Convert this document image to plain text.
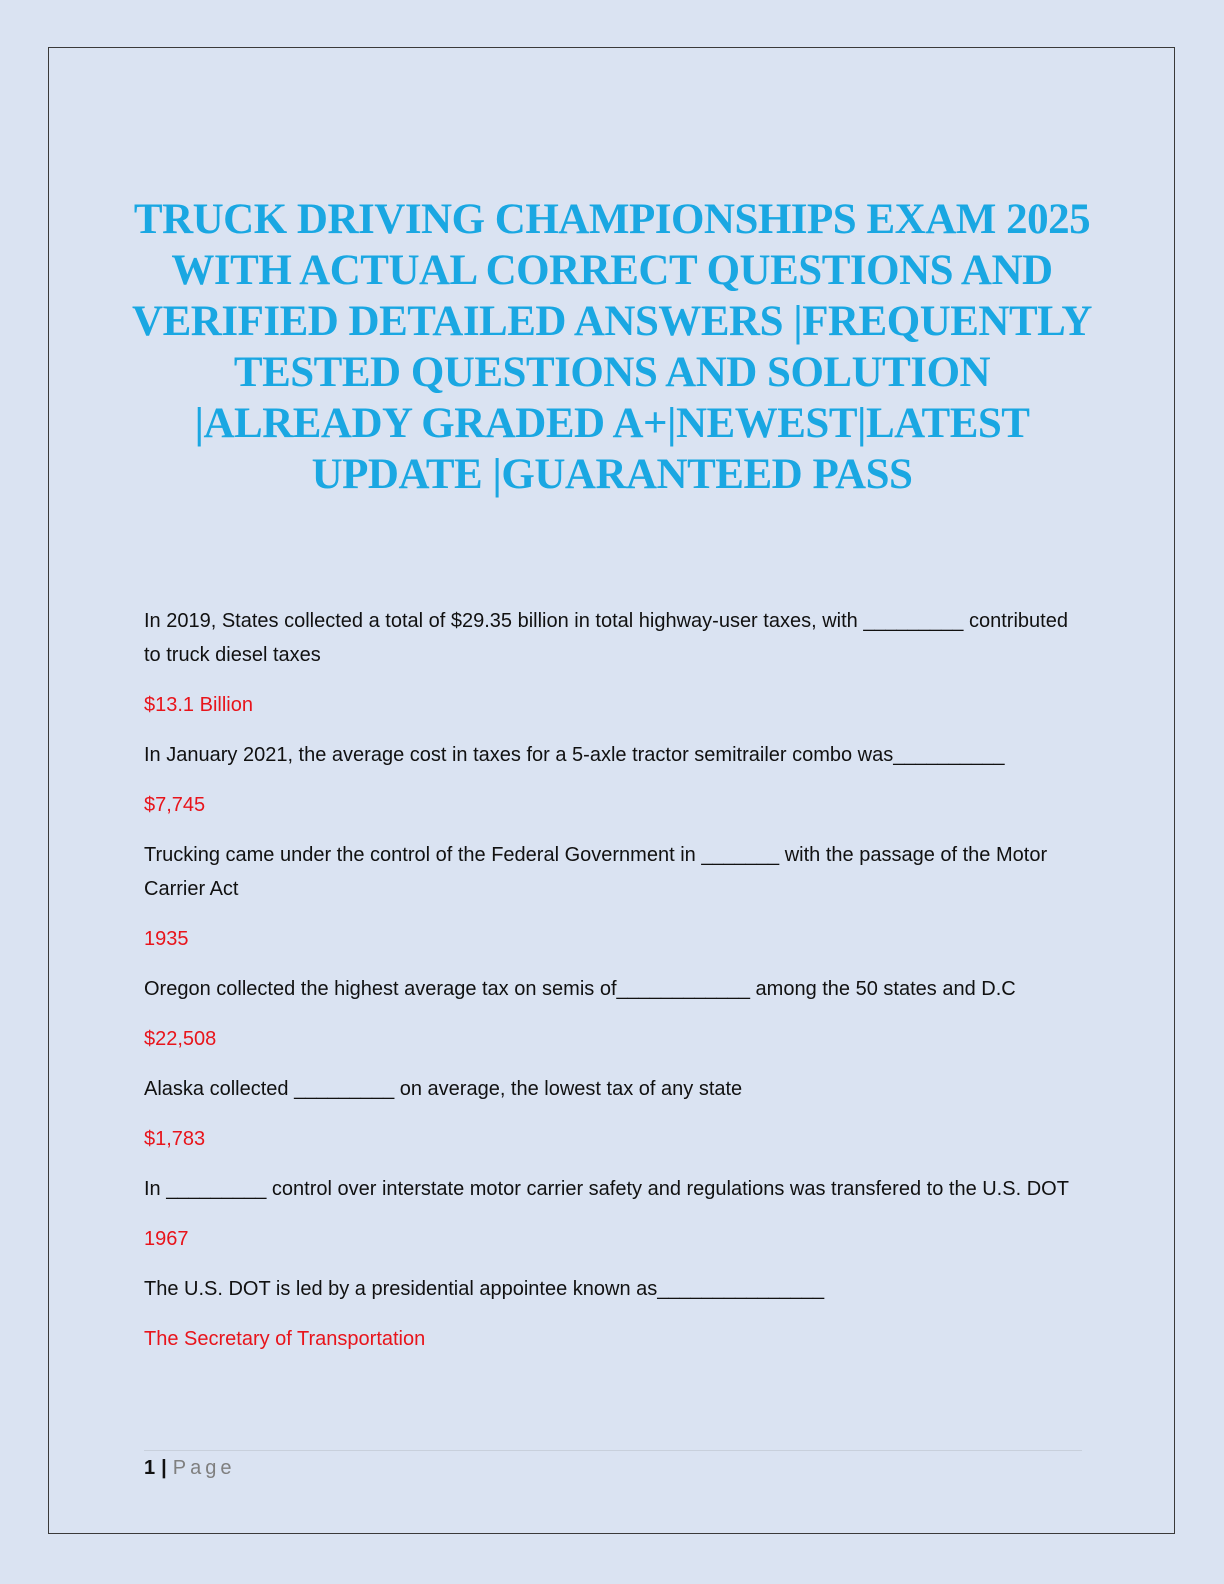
TRUCK DRIVING CHAMPIONSHIPS EXAM 2025 WITH ACTUAL CORRECT QUESTIONS AND VERIFIED DETAILED ANSWERS |FREQUENTLY TESTED QUESTIONS AND SOLUTION |ALREADY GRADED A+|NEWEST|LATEST UPDATE |GUARANTEED PASS

In 2019, States collected a total of $29.35 billion in total highway-user taxes, with _________ contributed to truck diesel taxes

$13.1 Billion

In January 2021, the average cost in taxes for a 5-axle tractor semitrailer combo was__________

$7,745

Trucking came under the control of the Federal Government in _______ with the passage of the Motor Carrier Act

1935

Oregon collected the highest average tax on semis of____________ among the 50 states and D.C

$22,508

Alaska collected _________ on average, the lowest tax of any state

$1,783

In _________ control over interstate motor carrier safety and regulations was transfered to the U.S. DOT

1967

The U.S. DOT is led by a presidential appointee known as_______________

The Secretary of Transportation

1 | Page
